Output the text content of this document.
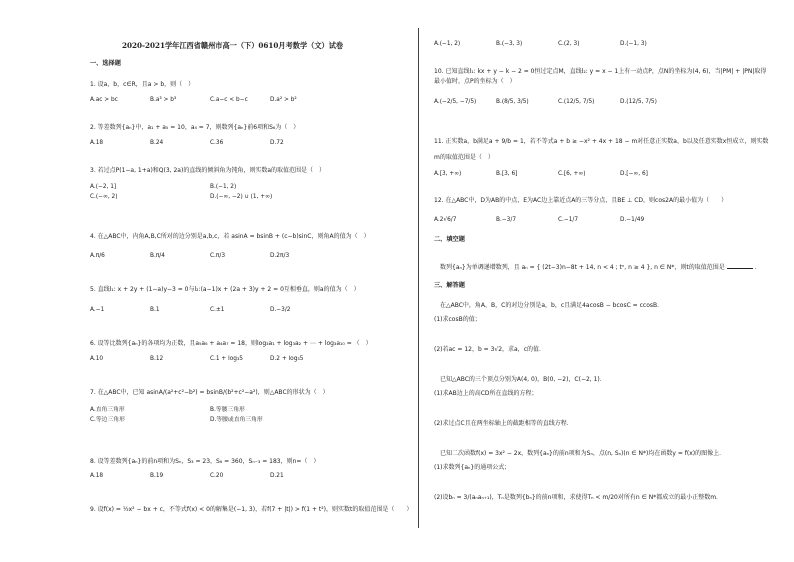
2020-2021学年江西省赣州市高一（下）0610月考数学（文）试卷
一、选择题
1. 设a，b，c∈R，且a > b，则（　）
A.ac > bc	B.a³ > b³	C.a−c < b−c	D.a² > b²
2. 等差数列{aₙ}中，a₁ + a₅ = 10，a₄ = 7，则数列{aₙ}前6项和S₆为（　）
A.18	B.24	C.36	D.72
3. 若过点P(1−a, 1+a)和Q(3, 2a)的直线的倾斜角为钝角，则实数a的取值范围是（　）
A.(−2, 1]	B.(−1, 2)
C.(−∞, 2)	D.(−∞, −2) ∪ (1, +∞)
4. 在△ABC中，内角A,B,C所对的边分别是a,b,c，若 asinA = bsinB + (c−b)sinC，则角A的值为（　）
A.π/6	B.π/4	C.π/3	D.2π/3
5. 直线l₁: x + 2y + (1−a)y−3 = 0与l₂:(a−1)x + (2a + 3)y + 2 = 0互相垂直，则a的值为（　）
A.−1	B.1	C.±1	D.−3/2
6. 设等比数列{aₙ}的各项均为正数，且a₅a₆ + a₄a₇ = 18，则log₃a₁ + log₃a₂ + ⋯ + log₃a₁₀ = （　）
A.10	B.12	C.1 + log₃5	D.2 + log₃5
7. 在△ABC中，已知 asinA/(a²+c²−b²) = bsinB/(b²+c²−a²)，则△ABC的形状为（　）
A.直角三角形	B.等腰三角形
C.等边三角形	D.等腰或直角三角形
8. 设等差数列{aₙ}的前n项和为Sₙ，S₃ = 23，S₆ = 360，Sₙ₋₃ = 183，则n=（　）
A.18	B.19	C.20	D.21
9. 设f(x) = ½x² − bx + c，不等式f(x) < 0的解集是(−1, 3)，若f(7 + |t|) > f(1 + t²)，则实数t的取值范围是（　　）
A.(−1, 2)	B.(−3, 3)	C.(2, 3)	D.(−1, 3)
10. 已知直线l₁: kx + y − k − 2 = 0恒过定点M，直线l₂: y = x − 1上有一动点P，点N的坐标为(4, 6)，当|PM| + |PN|取得
最小值时，点P的坐标为（　）
A.(−2/5, −7/5)	B.(8/5, 3/5)	C.(12/5, 7/5)	D.(12/5, 7/5)
11. 正实数a，b满足a + 9/b = 1，若不等式a + b ≥ −x² + 4x + 18 − m对任意正实数a，b以及任意实数x恒成立，则实数
m的取值范围是（　）
A.[3, +∞)	B.[3, 6]	C.[6, +∞)	D.[−∞, 6]
12. 在△ABC中，D为AB的中点，E为AC边上靠近点A的三等分点，且BE ⊥ CD，则cos2A的最小值为（　　）
A.2√6/7	B.−3/7	C.−1/7	D.−1/49
二、填空题
数列{aₙ}为单调递增数列，且 aₙ = { (2t−3)n−8t + 14, n < 4 ; tⁿ, n ≥ 4 }, n ∈ N*，则t的取值范围是	．
三、解答题
在△ABC中，角A，B，C的对边分别是a，b，c且满足4acosB − bcosC = ccosB．
(1)求cosB的值；
(2)若ac = 12，b = 3√2，求a，c的值．
已知△ABC的三个顶点分别为A(4, 0)，B(0, −2)，C(−2, 1)．
(1)求AB边上的高CD所在直线的方程；
(2)求过点C且在两坐标轴上的截距相等的直线方程．
已知二次函数f(x) = 3x² − 2x，数列{aₙ}的前n项和为Sₙ，点(n, Sₙ)(n ∈ N*)均在函数y = f(x)的图像上．
(1)求数列{aₙ}的通项公式；
(2)设bₙ = 3/(aₙaₙ₊₁)，Tₙ是数列{bₙ}的前n项和，求使得Tₙ < m/20对所有n ∈ N*都成立的最小正整数m．
